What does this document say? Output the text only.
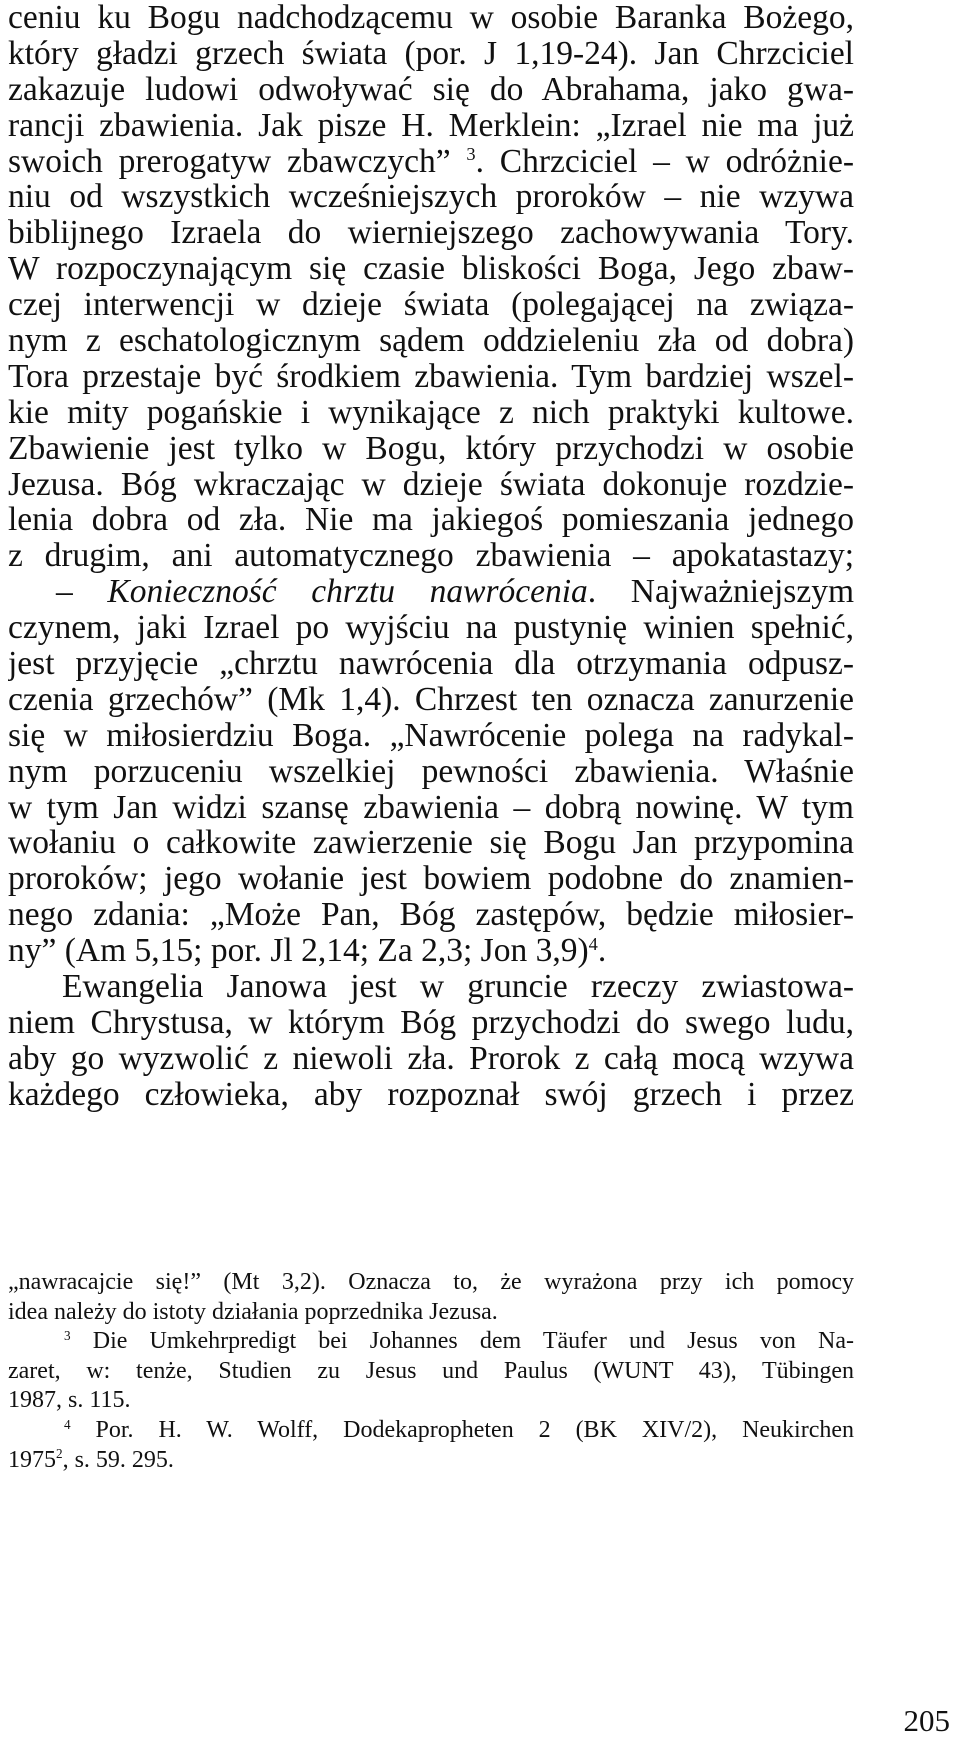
ceniu ku Bogu nadchodzącemu w osobie Baranka Bożego,
który gładzi grzech świata (por. J 1,19-24). Jan Chrzciciel
zakazuje ludowi odwoływać się do Abrahama, jako gwa-
rancji zbawienia. Jak pisze H. Merklein: „Izrael nie ma już
swoich prerogatyw zbawczych” $^3$. Chrzciciel – w odróżnie-
niu od wszystkich wcześniejszych proroków – nie wzywa
biblijnego Izraela do wierniejszego zachowywania Tory.
W rozpoczynającym się czasie bliskości Boga, Jego zbaw-
czej interwencji w dzieje świata (polegającej na związa-
nym z eschatologicznym sądem oddzieleniu zła od dobra)
Tora przestaje być środkiem zbawienia. Tym bardziej wszel-
kie mity pogańskie i wynikające z nich praktyki kultowe.
Zbawienie jest tylko w Bogu, który przychodzi w osobie
Jezusa. Bóg wkraczając w dzieje świata dokonuje rozdzie-
lenia dobra od zła. Nie ma jakiegoś pomieszania jednego
z drugim, ani automatycznego zbawienia – apokatastazy;
– Konieczność chrztu nawrócenia. Najważniejszym
czynem, jaki Izrael po wyjściu na pustynię winien spełnić,
jest przyjęcie „chrztu nawrócenia dla otrzymania odpusz-
czenia grzechów” (Mk 1,4). Chrzest ten oznacza zanurzenie
się w miłosierdziu Boga. „Nawrócenie polega na radykal-
nym porzuceniu wszelkiej pewności zbawienia. Właśnie
w tym Jan widzi szansę zbawienia – dobrą nowinę. W tym
wołaniu o całkowite zawierzenie się Bogu Jan przypomina
proroków; jego wołanie jest bowiem podobne do znamien-
nego zdania: „Może Pan, Bóg zastępów, będzie miłosier-
ny” (Am 5,15; por. Jl 2,14; Za 2,3; Jon 3,9)$^4$.
Ewangelia Janowa jest w gruncie rzeczy zwiastowa-
niem Chrystusa, w którym Bóg przychodzi do swego ludu,
aby go wyzwolić z niewoli zła. Prorok z całą mocą wzywa
każdego człowieka, aby rozpoznał swój grzech i przez
„nawracajcie się!” (Mt 3,2). Oznacza to, że wyrażona przy ich pomocy
idea należy do istoty działania poprzednika Jezusa.
$^3$ Die Umkehrpredigt bei Johannes dem Täufer und Jesus von Na-
zaret, w: tenże, Studien zu Jesus und Paulus (WUNT 43), Tübingen
1987, s. 115.
$^4$ Por. H. W. Wolff, Dodekapropheten 2 (BK XIV/2), Neukirchen
1975$^2$, s. 59. 295.
205
